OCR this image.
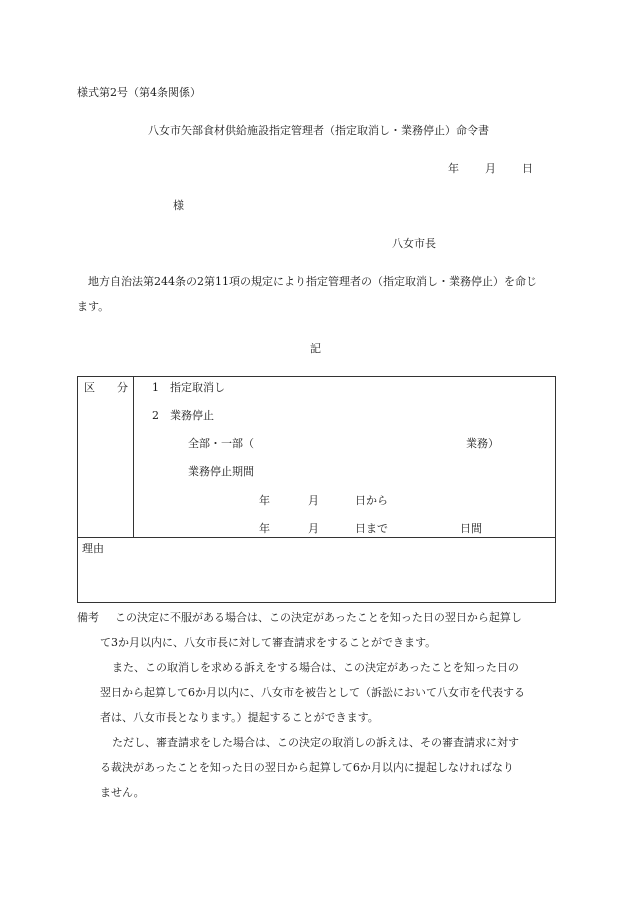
様式第2号（第4条関係）
八女市矢部食材供給施設指定管理者（指定取消し・業務停止）命令書
年 月 日
様
八女市長
地方自治法第244条の2第11項の規定により指定管理者の（指定取消し・業務停止）を命じ
ます。
記
区　　分 1　指定取消し
2　業務停止
全部・一部（	業務）
業務停止期間
年	月	日から
年	月	日まで	日間
理由
備考 この決定に不服がある場合は、この決定があったことを知った日の翌日から起算し
て3か月以内に、八女市長に対して審査請求をすることができます。
また、この取消しを求める訴えをする場合は、この決定があったことを知った日の
翌日から起算して6か月以内に、八女市を被告として（訴訟において八女市を代表する
者は、八女市長となります。）提起することができます。
ただし、審査請求をした場合は、この決定の取消しの訴えは、その審査請求に対す
る裁決があったことを知った日の翌日から起算して6か月以内に提起しなければなり
ません。
